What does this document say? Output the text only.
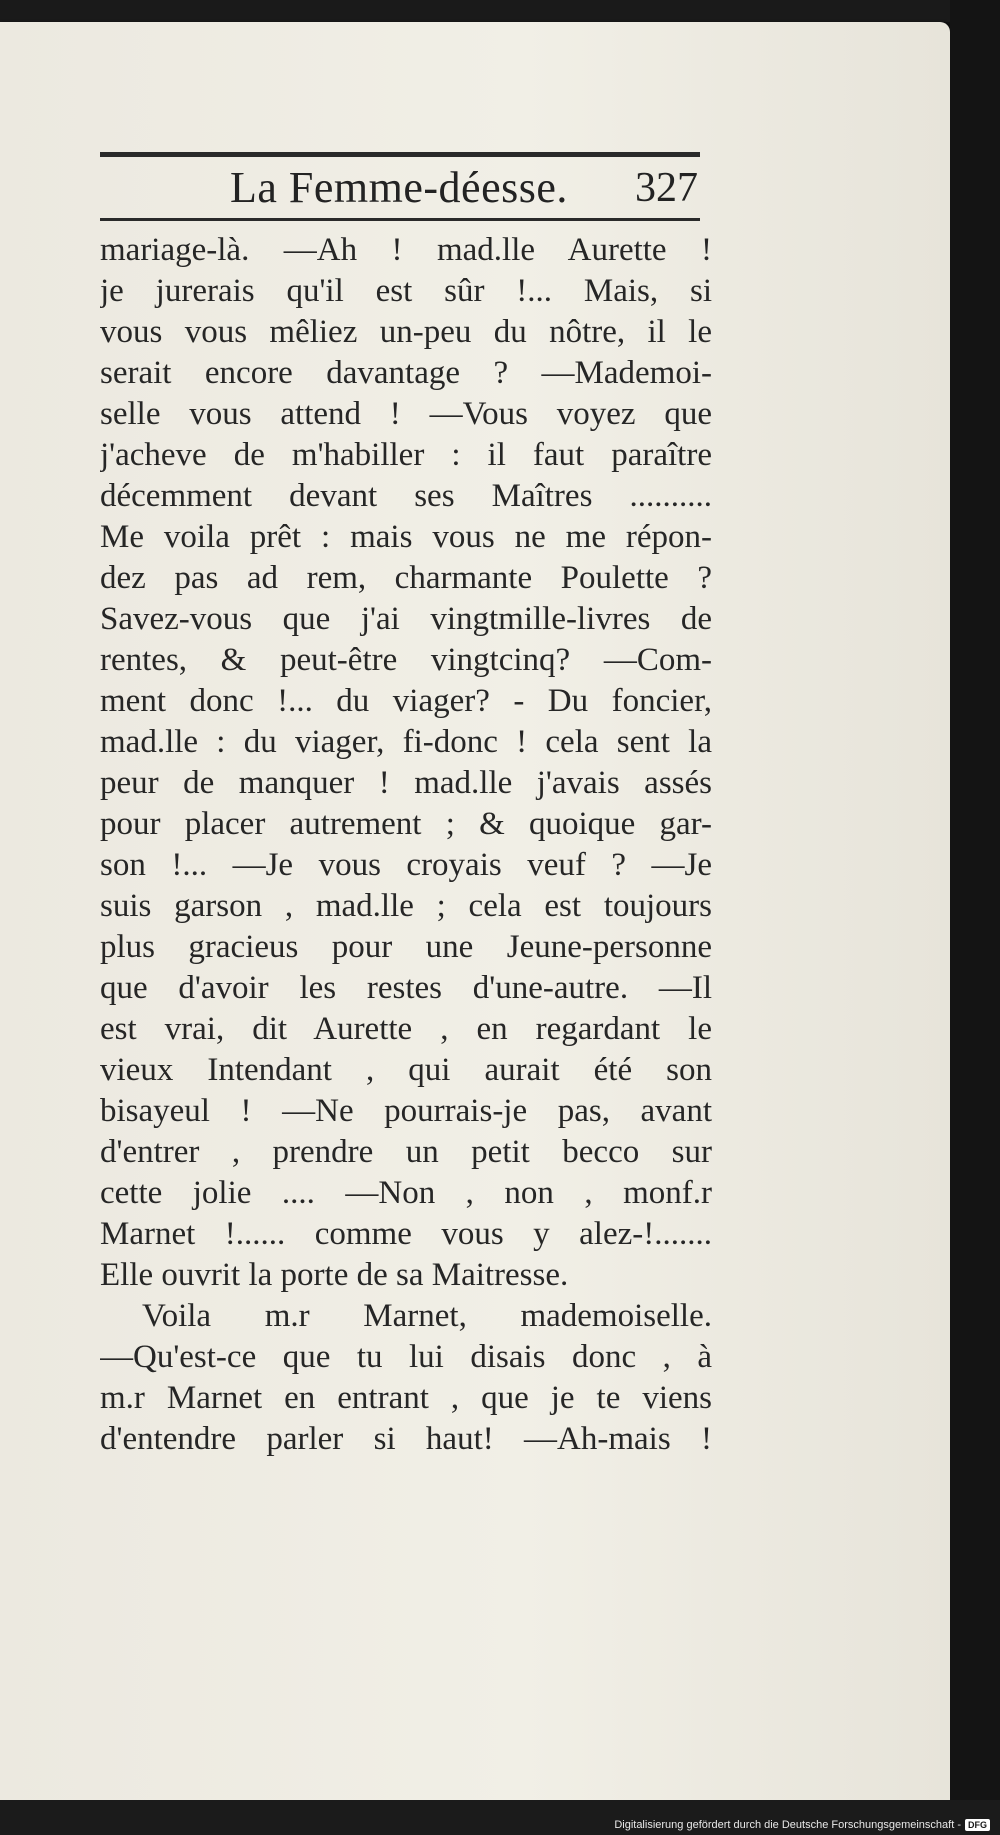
La Femme-déesse. 327
mariage-là. —Ah ! mad.lle Aurette !
je jurerais qu'il est sûr !... Mais, si
vous vous mêliez un-peu du nôtre, il le
serait encore davantage ? —Mademoi-
selle vous attend ! —Vous voyez que
j'acheve de m'habiller : il faut paraître
décemment devant ses Maîtres ..........
Me voila prêt : mais vous ne me répon-
dez pas ad rem, charmante Poulette ?
Savez-vous que j'ai vingtmille-livres de
rentes, & peut-être vingtcinq? —Com-
ment donc !... du viager? - Du foncier,
mad.lle : du viager, fi-donc ! cela sent la
peur de manquer ! mad.lle j'avais assés
pour placer autrement ; & quoique gar-
son !... —Je vous croyais veuf ? —Je
suis garson , mad.lle ; cela est toujours
plus gracieus pour une Jeune-personne
que d'avoir les restes d'une-autre. —Il
est vrai, dit Aurette , en regardant le
vieux Intendant , qui aurait été son
bisayeul ! —Ne pourrais-je pas, avant
d'entrer , prendre un petit becco sur
cette jolie .... —Non , non , monf.r
Marnet !...... comme vous y alez-!.......
Elle ouvrit la porte de sa Maitresse.
Voila m.r Marnet, mademoiselle.
—Qu'est-ce que tu lui disais donc , à
m.r Marnet en entrant , que je te viens
d'entendre parler si haut! —Ah-mais !
Digitalisierung gefördert durch die Deutsche Forschungsgemeinschaft - DFG
